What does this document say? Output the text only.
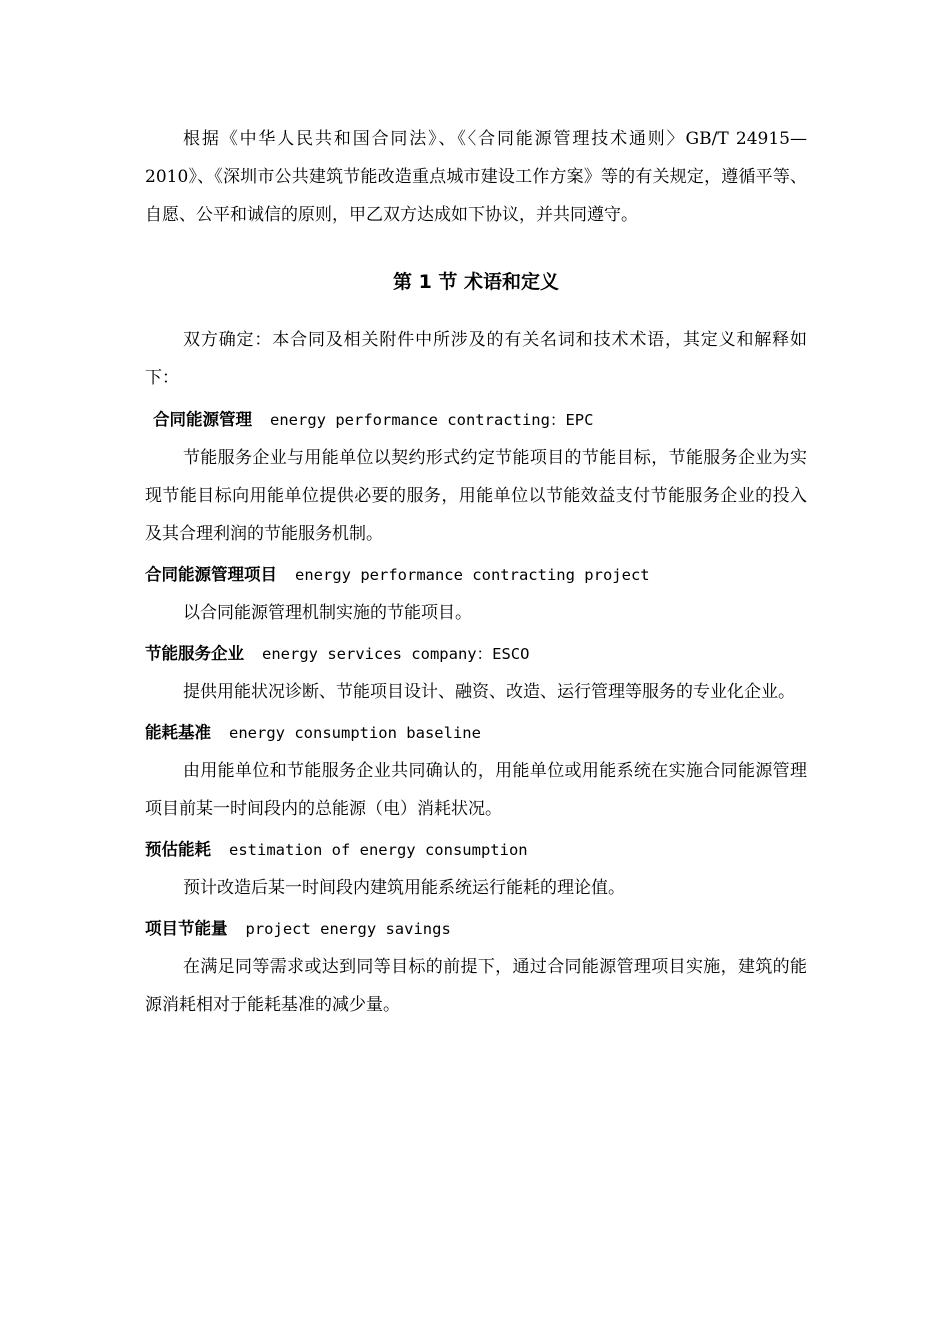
根据《中华人民共和国合同法》、《〈合同能源管理技术通则〉GB/T 24915—2010》、《深圳市公共建筑节能改造重点城市建设工作方案》等的有关规定，遵循平等、自愿、公平和诚信的原则，甲乙双方达成如下协议，并共同遵守。

第 1 节 术语和定义

双方确定：本合同及相关附件中所涉及的有关名词和技术术语，其定义和解释如下：

合同能源管理 energy performance contracting：EPC

节能服务企业与用能单位以契约形式约定节能项目的节能目标，节能服务企业为实现节能目标向用能单位提供必要的服务，用能单位以节能效益支付节能服务企业的投入及其合理利润的节能服务机制。

合同能源管理项目 energy performance contracting project

以合同能源管理机制实施的节能项目。

节能服务企业 energy services company：ESCO

提供用能状况诊断、节能项目设计、融资、改造、运行管理等服务的专业化企业。

能耗基准 energy consumption baseline

由用能单位和节能服务企业共同确认的，用能单位或用能系统在实施合同能源管理项目前某一时间段内的总能源（电）消耗状况。

预估能耗 estimation of energy consumption

预计改造后某一时间段内建筑用能系统运行能耗的理论值。

项目节能量 project energy savings

在满足同等需求或达到同等目标的前提下，通过合同能源管理项目实施，建筑的能源消耗相对于能耗基准的减少量。
